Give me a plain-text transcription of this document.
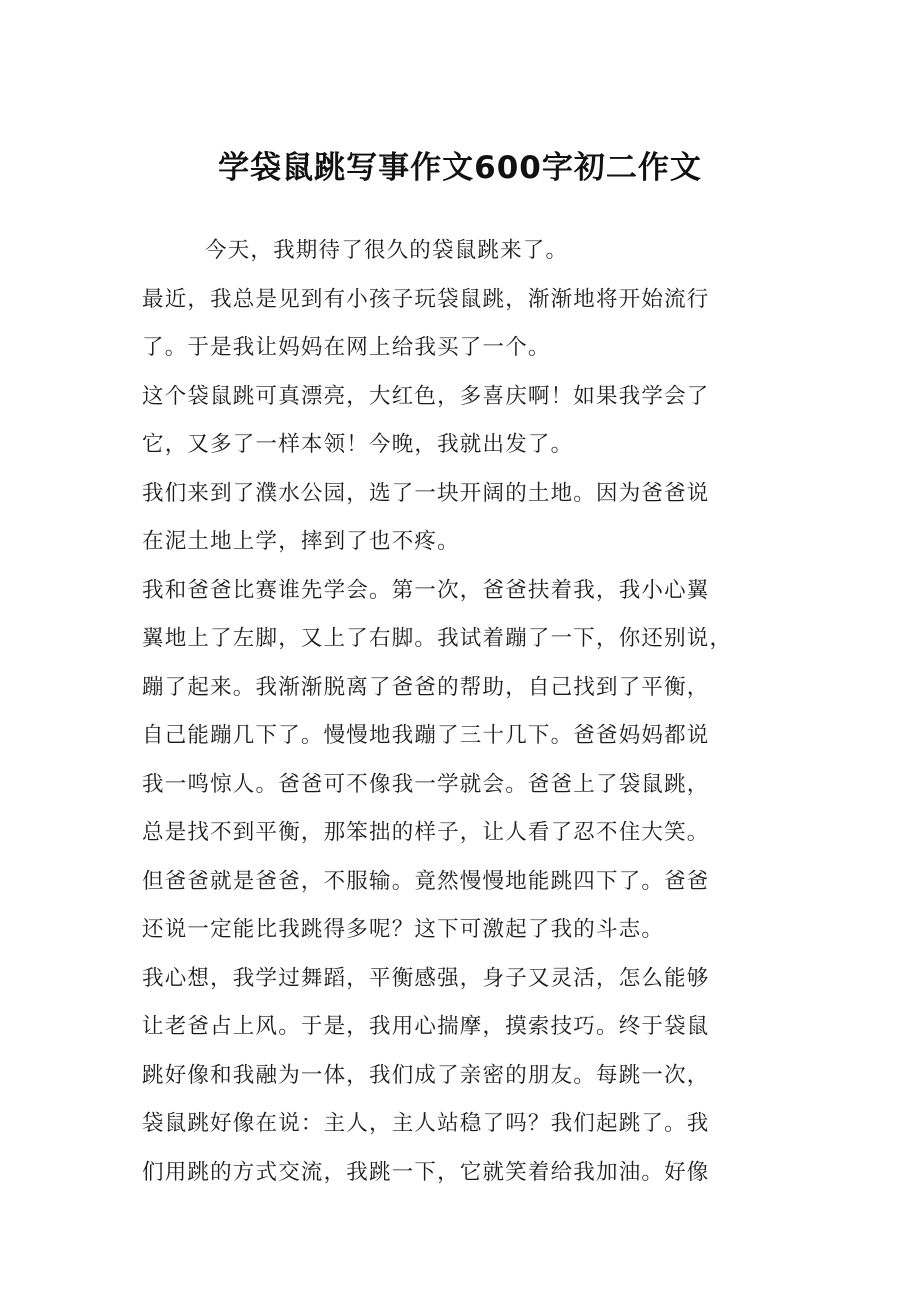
学袋鼠跳写事作文600字初二作文
今天，我期待了很久的袋鼠跳来了。
最近，我总是见到有小孩子玩袋鼠跳，渐渐地将开始流行
了。于是我让妈妈在网上给我买了一个。
这个袋鼠跳可真漂亮，大红色，多喜庆啊！如果我学会了
它，又多了一样本领！今晚，我就出发了。
我们来到了濮水公园，选了一块开阔的土地。因为爸爸说
在泥土地上学，摔到了也不疼。
我和爸爸比赛谁先学会。第一次，爸爸扶着我，我小心翼
翼地上了左脚，又上了右脚。我试着蹦了一下，你还别说，
蹦了起来。我渐渐脱离了爸爸的帮助，自己找到了平衡，
自己能蹦几下了。慢慢地我蹦了三十几下。爸爸妈妈都说
我一鸣惊人。爸爸可不像我一学就会。爸爸上了袋鼠跳，
总是找不到平衡，那笨拙的样子，让人看了忍不住大笑。
但爸爸就是爸爸，不服输。竟然慢慢地能跳四下了。爸爸
还说一定能比我跳得多呢？这下可激起了我的斗志。
我心想，我学过舞蹈，平衡感强，身子又灵活，怎么能够
让老爸占上风。于是，我用心揣摩，摸索技巧。终于袋鼠
跳好像和我融为一体，我们成了亲密的朋友。每跳一次，
袋鼠跳好像在说：主人，主人站稳了吗？我们起跳了。我
们用跳的方式交流，我跳一下，它就笑着给我加油。好像
